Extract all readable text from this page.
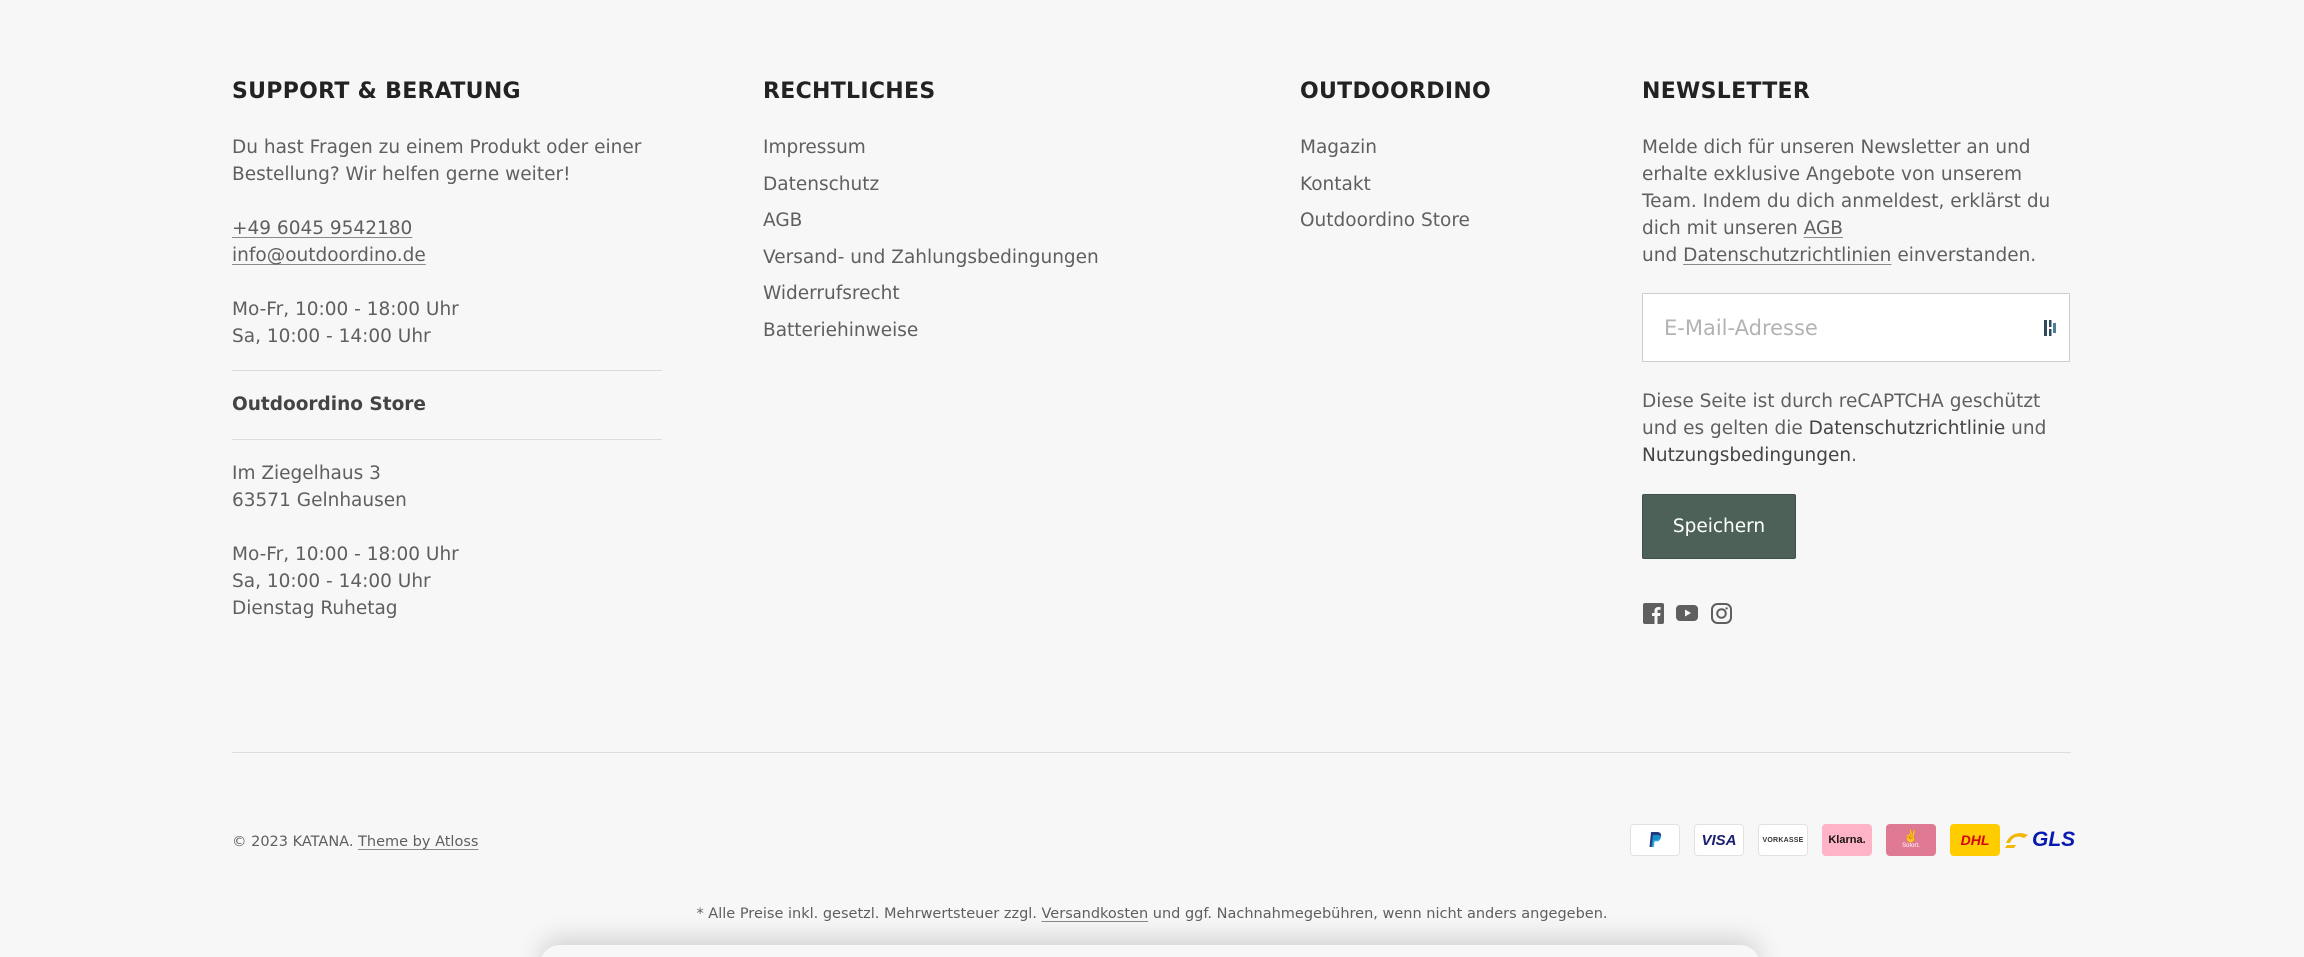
SUPPORT & BERATUNG

Du hast Fragen zu einem Produkt oder einer Bestellung? Wir helfen gerne weiter!

+49 6045 9542180
info@outdoordino.de
Mo-Fr, 10:00 - 18:00 Uhr
Sa, 10:00 - 14:00 Uhr
Outdoordino Store
Im Ziegelhaus 3
63571 Gelnhausen
Mo-Fr, 10:00 - 18:00 Uhr
Sa, 10:00 - 14:00 Uhr
Dienstag Ruhetag
RECHTLICHES
Impressum
Datenschutz
AGB
Versand- und Zahlungsbedingungen
Widerrufsrecht
Batteriehinweise
OUTDOORDINO
Magazin
Kontakt
Outdoordino Store
NEWSLETTER

Melde dich für unseren Newsletter an und erhalte exklusive Angebote von unserem Team. Indem du dich anmeldest, erklärst du dich mit unseren AGB
und Datenschutzrichtlinien einverstanden.

E-Mail-Adresse

Diese Seite ist durch reCAPTCHA geschützt und es gelten die Datenschutzrichtlinie und Nutzungsbedingungen.

Speichern
© 2023 KATANA. Theme by Atloss	VISA	VORKASSE Klarna.	✌
Sofort.	DHL GLS
* Alle Preise inkl. gesetzl. Mehrwertsteuer zzgl. Versandkosten und ggf. Nachnahmegebühren, wenn nicht anders angegeben.
